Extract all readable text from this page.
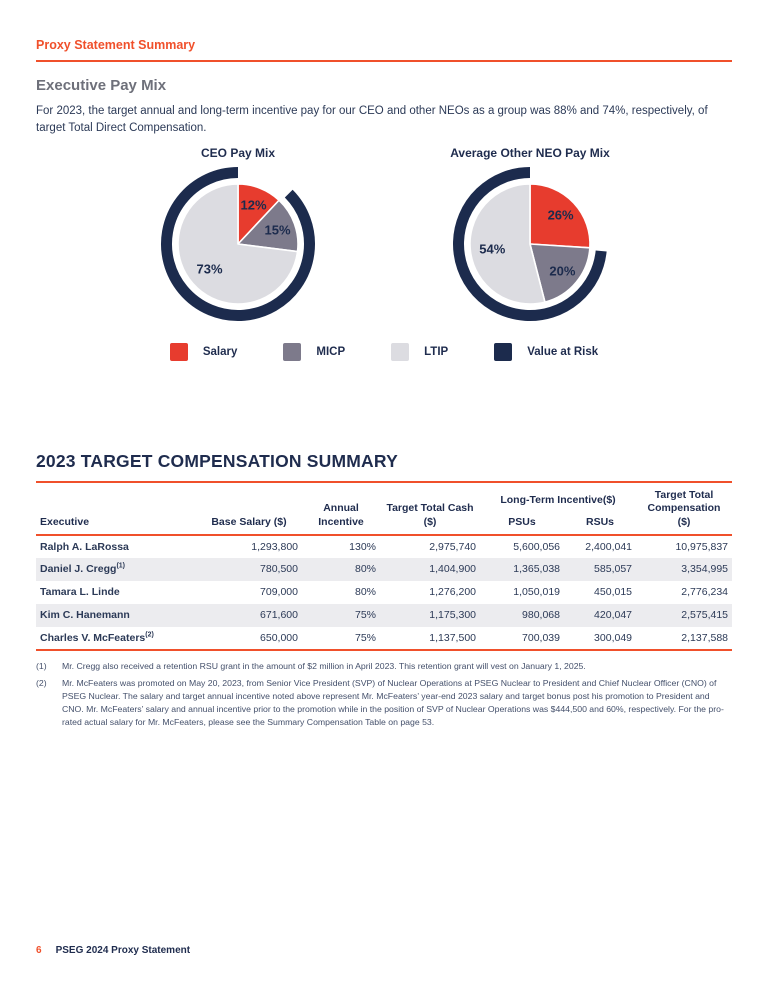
Proxy Statement Summary
Executive Pay Mix

For 2023, the target annual and long-term incentive pay for our CEO and other NEOs as a group was 88% and 74%, respectively, of target Total Direct Compensation.

CEO Pay Mix
12%
15%
73%
Average Other NEO Pay Mix
26%
20%
54%
Salary	MICP	LTIP	Value at Risk
2023 TARGET COMPENSATION SUMMARY
Executive	Base Salary ($)	Annual Incentive	Target Total Cash ($)	Long-Term Incentive($)		Target Total Compensation ($)
				PSUs	RSUs	
Ralph A. LaRossa	1,293,800	130%	2,975,740	5,600,056	2,400,041	10,975,837
Daniel J. Cregg$^{(1)}$	780,500	80%	1,404,900	1,365,038	585,057	3,354,995
Tamara L. Linde	709,000	80%	1,276,200	1,050,019	450,015	2,776,234
Kim C. Hanemann	671,600	75%	1,175,300	980,068	420,047	2,575,415
Charles V. McFeaters$^{(2)}$	650,000	75%	1,137,500	700,039	300,049	2,137,588
(1)	Mr. Cregg also received a retention RSU grant in the amount of $2 million in April 2023. This retention grant will vest on January 1, 2025.
(2)	Mr. McFeaters was promoted on May 20, 2023, from Senior Vice President (SVP) of Nuclear Operations at PSEG Nuclear to President and Chief Nuclear Officer (CNO) of PSEG Nuclear. The salary and target annual incentive noted above represent Mr. McFeaters’ year-end 2023 salary and target bonus post his promotion to President and CNO. Mr. McFeaters’ salary and annual incentive prior to the promotion while in the position of SVP of Nuclear Operations was $444,500 and 60%, respectively. For the pro-rated actual salary for Mr. McFeaters, please see the Summary Compensation Table on page 53.
6 PSEG 2024 Proxy Statement
